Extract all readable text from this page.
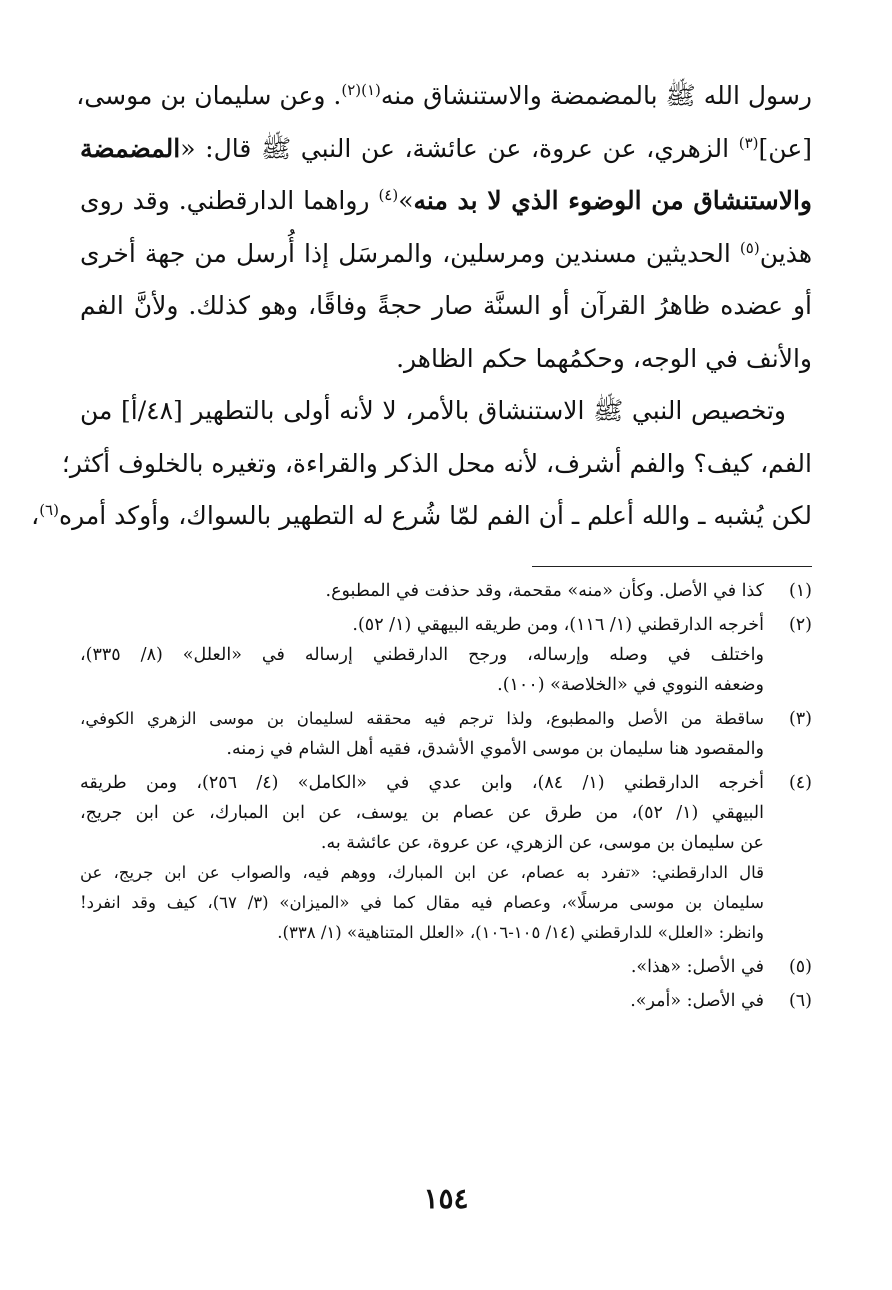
رسول الله ﷺ بالمضمضة والاستنشاق منه$^{(١)(٢)}$. وعن سليمان بن موسى،
[عن]$^{(٣)}$ الزهري، عن عروة، عن عائشة، عن النبي ﷺ قال: «المضمضة
والاستنشاق من الوضوء الذي لا بد منه»$^{(٤)}$ رواهما الدارقطني. وقد روى
هذين$^{(٥)}$ الحديثين مسندين ومرسلين، والمرسَل إذا أُرسل من جهة أخرى
أو عضده ظاهرُ القرآن أو السنَّة صار حجةً وفاقًا، وهو كذلك. ولأنَّ الفم
والأنف في الوجه، وحكمُهما حكم الظاهر.
وتخصيص النبي ﷺ الاستنشاق بالأمر، لا لأنه أولى بالتطهير [٤٨/أ] من
الفم، كيف؟ والفم أشرف، لأنه محل الذكر والقراءة، وتغيره بالخلوف أكثر؛
لكن يُشبه ـ والله أعلم ـ أن الفم لمّا شُرع له التطهير بالسواك، وأوكد أمره$^{(٦)}$،
(١)
كذا في الأصل. وكأن «منه» مقحمة، وقد حذفت في المطبوع.
(٢)
أخرجه الدارقطني (١/ ١١٦)، ومن طريقه البيهقي (١/ ٥٢).
واختلف في وصله وإرساله، ورجح الدارقطني إرساله في «العلل» (٨/ ٣٣٥)،
وضعفه النووي في «الخلاصة» (١٠٠).
(٣)
ساقطة من الأصل والمطبوع، ولذا ترجم فيه محققه لسليمان بن موسى الزهري الكوفي،
والمقصود هنا سليمان بن موسى الأموي الأشدق، فقيه أهل الشام في زمنه.
(٤)
أخرجه الدارقطني (١/ ٨٤)، وابن عدي في «الكامل» (٤/ ٢٥٦)، ومن طريقه
البيهقي (١/ ٥٢)، من طرق عن عصام بن يوسف، عن ابن المبارك، عن ابن جريج،
عن سليمان بن موسى، عن الزهري، عن عروة، عن عائشة به.
قال الدارقطني: «تفرد به عصام، عن ابن المبارك، ووهم فيه، والصواب عن ابن جريج، عن
سليمان بن موسى مرسلًا»، وعصام فيه مقال كما في «الميزان» (٣/ ٦٧)، كيف وقد انفرد!
وانظر: «العلل» للدارقطني (١٤/ ١٠٥-١٠٦)، «العلل المتناهية» (١/ ٣٣٨).
(٥)
في الأصل: «هذا».
(٦)
في الأصل: «أمر».
١٥٤
